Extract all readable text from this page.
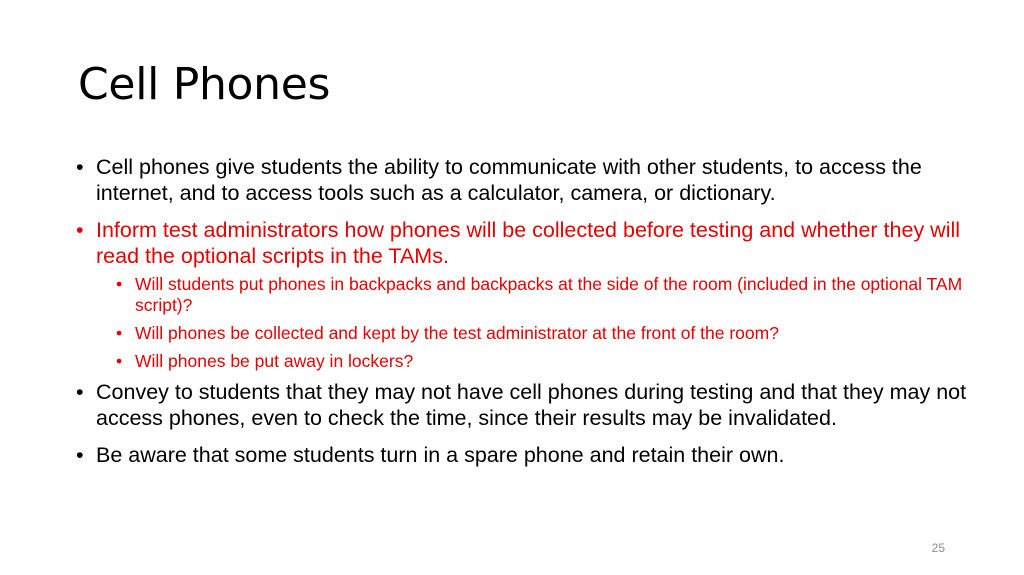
Cell Phones
• Cell phones give students the ability to communicate with other students, to access the internet, and to access tools such as a calculator, camera, or dictionary.
• Inform test administrators how phones will be collected before testing and whether they will read the optional scripts in the TAMs.
• Will students put phones in backpacks and backpacks at the side of the room (included in the optional TAM script)?
• Will phones be collected and kept by the test administrator at the front of the room?
• Will phones be put away in lockers?
• Convey to students that they may not have cell phones during testing and that they may not access phones, even to check the time, since their results may be invalidated.
• Be aware that some students turn in a spare phone and retain their own.
25
